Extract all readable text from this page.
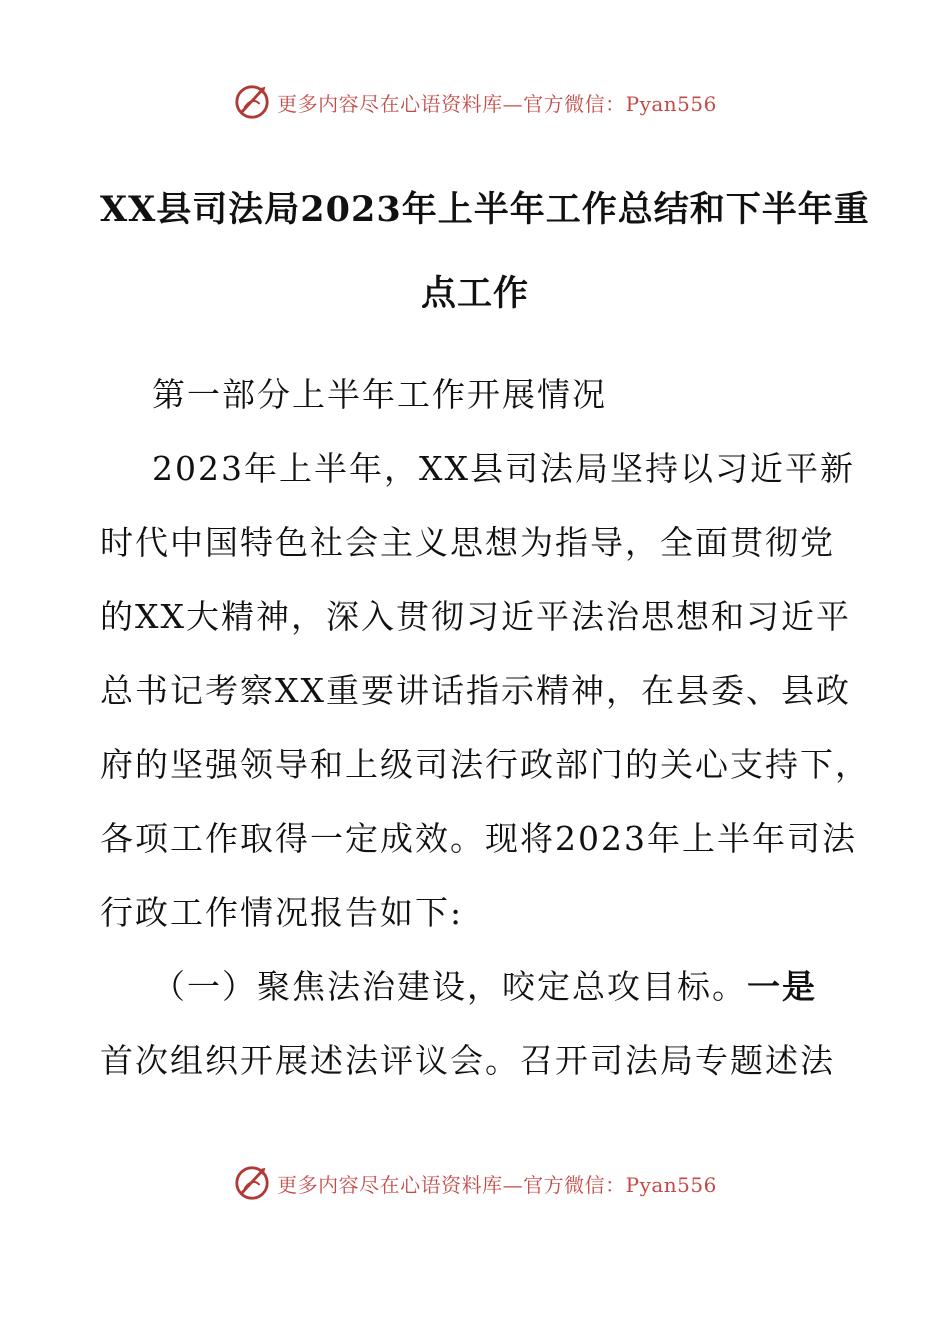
更多内容尽在心语资料库—官方微信：Pyan556
XX县司法局2023年上半年工作总结和下半年重
点工作
第一部分上半年工作开展情况
2023年上半年，XX县司法局坚持以习近平新
时代中国特色社会主义思想为指导，全面贯彻党
的XX大精神，深入贯彻习近平法治思想和习近平
总书记考察XX重要讲话指示精神，在县委、县政
府的坚强领导和上级司法行政部门的关心支持下，
各项工作取得一定成效。现将2023年上半年司法
行政工作情况报告如下:
（一）聚焦法治建设，咬定总攻目标。一是
首次组织开展述法评议会。召开司法局专题述法
更多内容尽在心语资料库—官方微信：Pyan556
